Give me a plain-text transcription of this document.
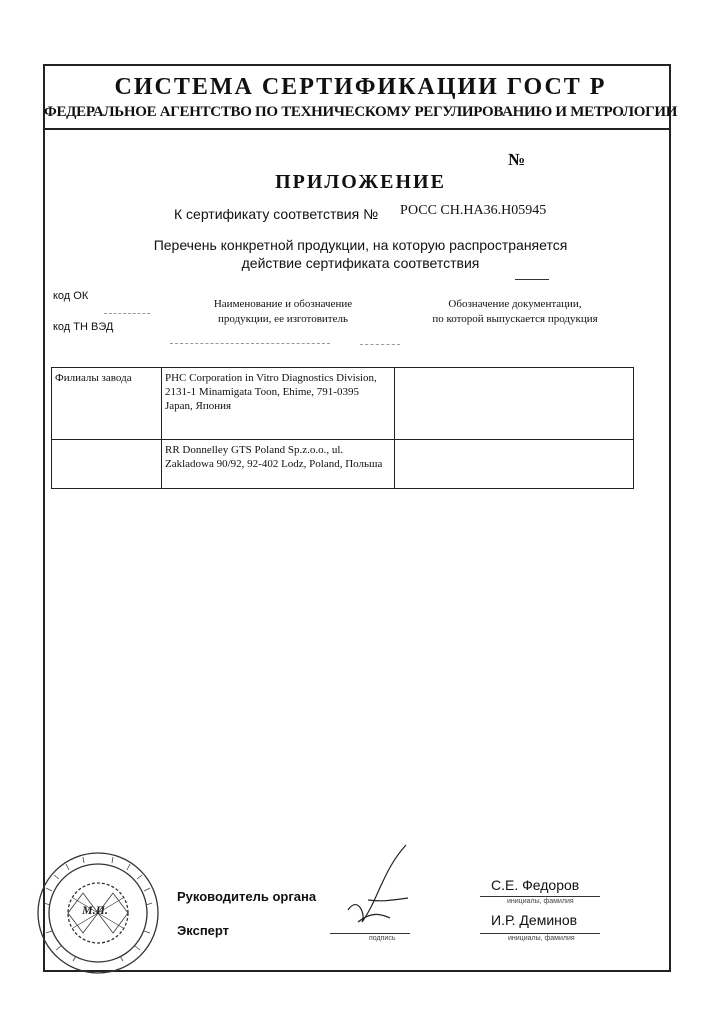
СИСТЕМА СЕРТИФИКАЦИИ ГОСТ Р
ФЕДЕРАЛЬНОЕ АГЕНТСТВО ПО ТЕХНИЧЕСКОМУ РЕГУЛИРОВАНИЮ И МЕТРОЛОГИИ
№
ПРИЛОЖЕНИЕ
К сертификату соответствия № РОСС CH.НА36.Н05945
Перечень конкретной продукции, на которую распространяется
действие сертификата соответствия
код ОК
код ТН ВЭД
Наименование и обозначение
продукции, ее изготовитель
Обозначение документации,
по которой выпускается продукция
Филиалы завода	PHC Corporation in Vitro Diagnostics Division,
2131-1 Minamigata Toon, Ehime, 791-0395
Japan, Япония	

	RR Donnelley GTS Poland Sp.z.o.o., ul.
Zakladowa 90/92, 92-402 Lodz, Poland, Польша	

М.П.
Руководитель органа
Эксперт
подпись
С.Е. Федоров
инициалы, фамилия
И.Р. Деминов
инициалы, фамилия
